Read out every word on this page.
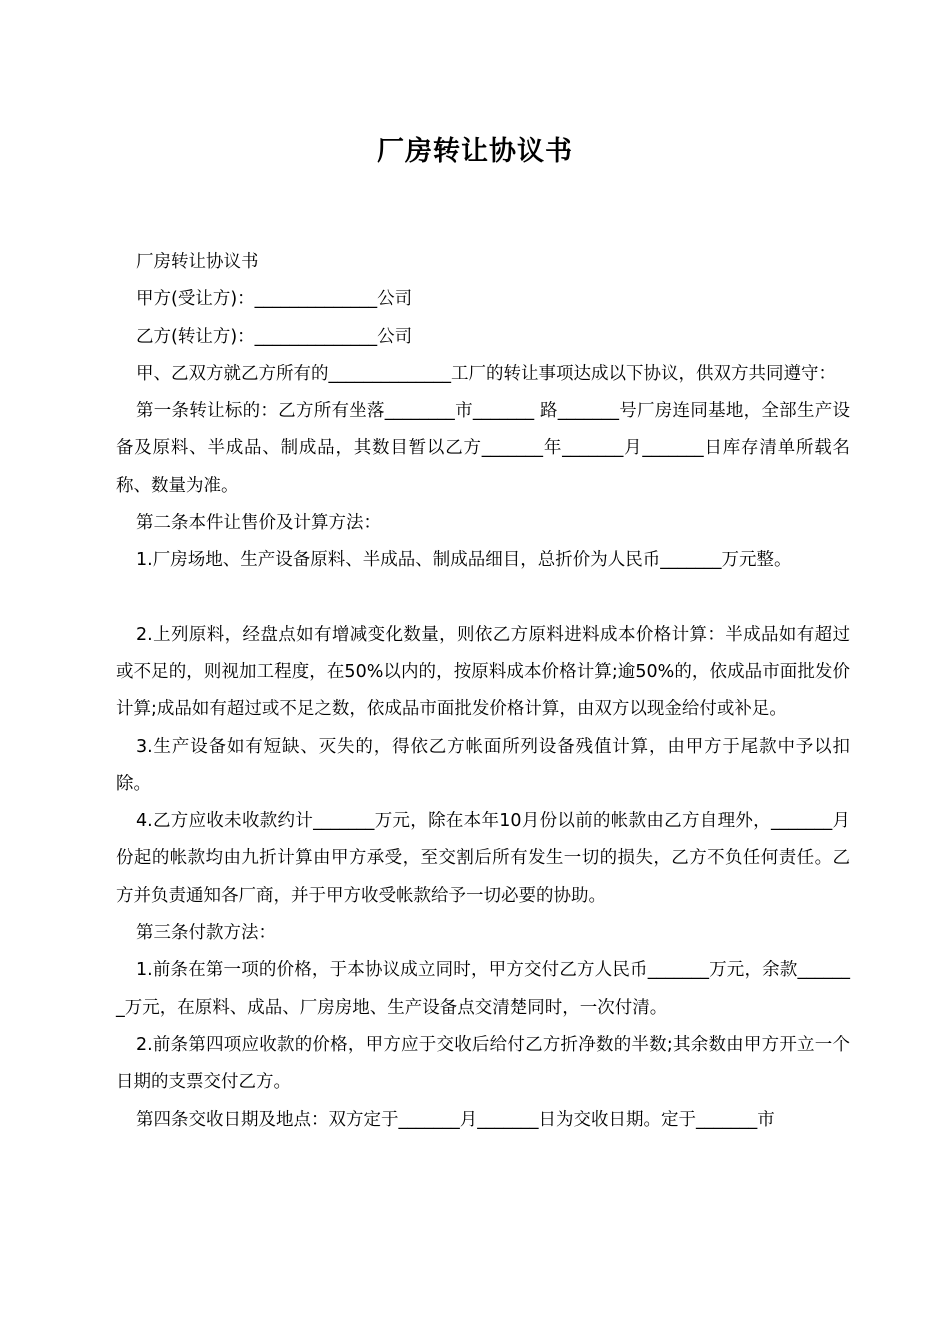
厂房转让协议书

厂房转让协议书

甲方(受让方)：______________公司

乙方(转让方)：______________公司

甲、乙双方就乙方所有的______________工厂的转让事项达成以下协议，供双方共同遵守：

第一条转让标的：乙方所有坐落________市_______ 路_______号厂房连同基地，全部生产设备及原料、半成品、制成品，其数目暂以乙方_______年_______月_______日库存清单所载名称、数量为准。

第二条本件让售价及计算方法：

1.厂房场地、生产设备原料、半成品、制成品细目，总折价为人民币_______万元整。

2.上列原料，经盘点如有增减变化数量，则依乙方原料进料成本价格计算：半成品如有超过或不足的，则视加工程度，在50%以内的，按原料成本价格计算;逾50%的，依成品市面批发价计算;成品如有超过或不足之数，依成品市面批发价格计算，由双方以现金给付或补足。

3.生产设备如有短缺、灭失的，得依乙方帐面所列设备残值计算，由甲方于尾款中予以扣除。

4.乙方应收未收款约计_______万元，除在本年10月份以前的帐款由乙方自理外，_______月份起的帐款均由九折计算由甲方承受，至交割后所有发生一切的损失，乙方不负任何责任。乙方并负责通知各厂商，并于甲方收受帐款给予一切必要的协助。

第三条付款方法：

1.前条在第一项的价格，于本协议成立同时，甲方交付乙方人民币_______万元，余款_______万元，在原料、成品、厂房房地、生产设备点交清楚同时，一次付清。

2.前条第四项应收款的价格，甲方应于交收后给付乙方折净数的半数;其余数由甲方开立一个日期的支票交付乙方。

第四条交收日期及地点：双方定于_______月_______日为交收日期。定于_______市
